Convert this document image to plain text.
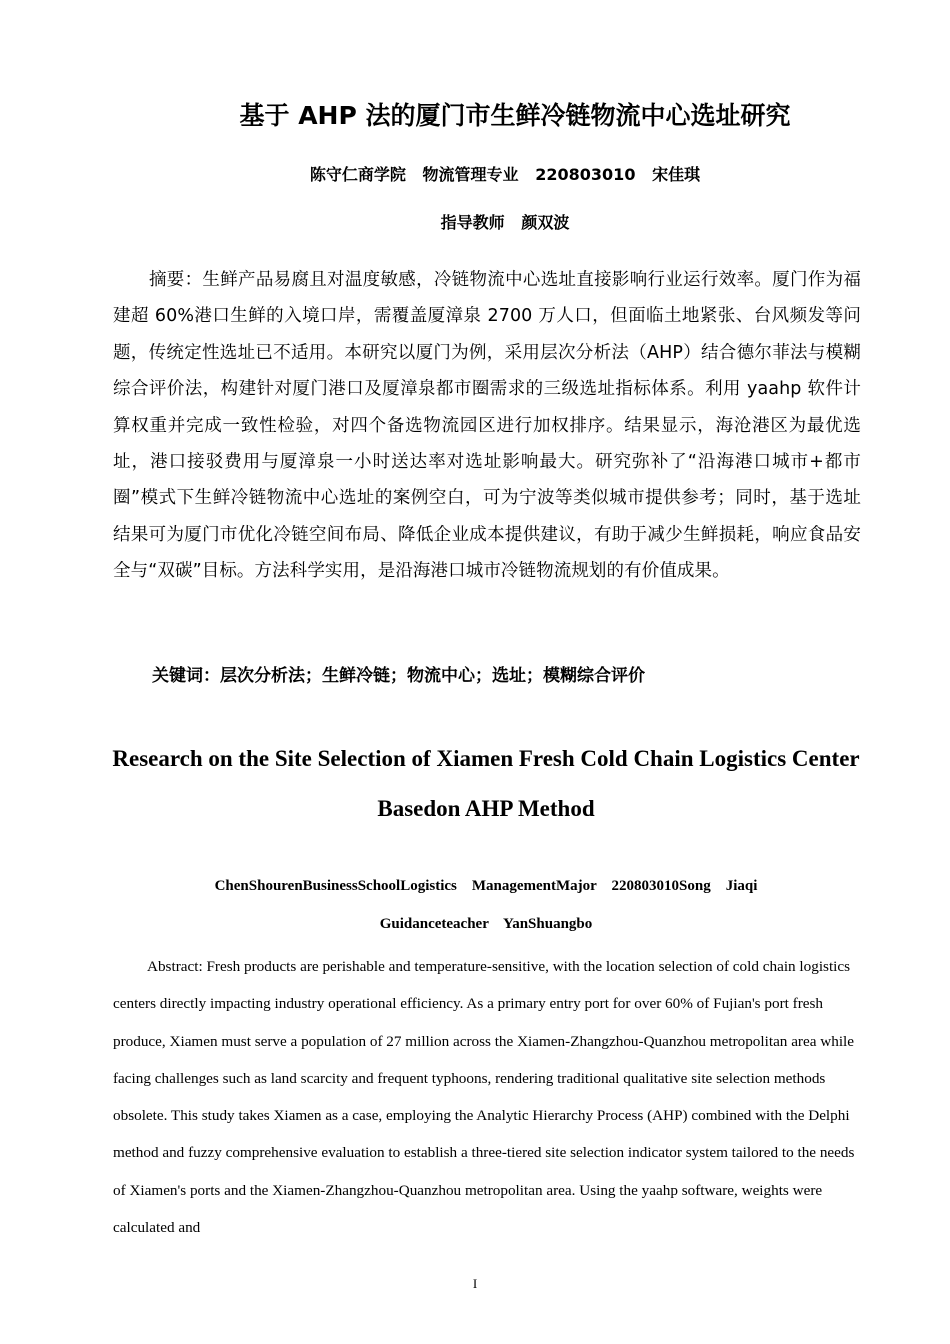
基于 AHP 法的厦门市生鲜冷链物流中心选址研究
陈守仁商学院   物流管理专业   220803010   宋佳琪
指导教师   颜双波
摘要：生鲜产品易腐且对温度敏感，冷链物流中心选址直接影响行业运行效率。厦门作为福建超 60%港口生鲜的入境口岸，需覆盖厦漳泉 2700 万人口，但面临土地紧张、台风频发等问题，传统定性选址已不适用。本研究以厦门为例，采用层次分析法（AHP）结合德尔菲法与模糊综合评价法，构建针对厦门港口及厦漳泉都市圈需求的三级选址指标体系。利用 yaahp 软件计算权重并完成一致性检验，对四个备选物流园区进行加权排序。结果显示，海沧港区为最优选址，港口接驳费用与厦漳泉一小时送达率对选址影响最大。研究弥补了“沿海港口城市+都市圈”模式下生鲜冷链物流中心选址的案例空白，可为宁波等类似城市提供参考；同时，基于选址结果可为厦门市优化冷链空间布局、降低企业成本提供建议，有助于减少生鲜损耗，响应食品安全与“双碳”目标。方法科学实用，是沿海港口城市冷链物流规划的有价值成果。
关键词：层次分析法；生鲜冷链；物流中心；选址；模糊综合评价
Research on the Site Selection of Xiamen Fresh Cold Chain Logistics Center Basedon AHP Method
ChenShourenBusinessSchoolLogistics    ManagementMajor    220803010Song    Jiaqi
Guidanceteacher    YanShuangbo
Abstract: Fresh products are perishable and temperature-sensitive, with the location selection of cold chain logistics centers directly impacting industry operational efficiency. As a primary entry port for over 60% of Fujian's port fresh produce, Xiamen must serve a population of 27 million across the Xiamen-Zhangzhou-Quanzhou metropolitan area while facing challenges such as land scarcity and frequent typhoons, rendering traditional qualitative site selection methods obsolete. This study takes Xiamen as a case, employing the Analytic Hierarchy Process (AHP) combined with the Delphi method and fuzzy comprehensive evaluation to establish a three-tiered site selection indicator system tailored to the needs of Xiamen's ports and the Xiamen-Zhangzhou-Quanzhou metropolitan area. Using the yaahp software, weights were calculated and
I
